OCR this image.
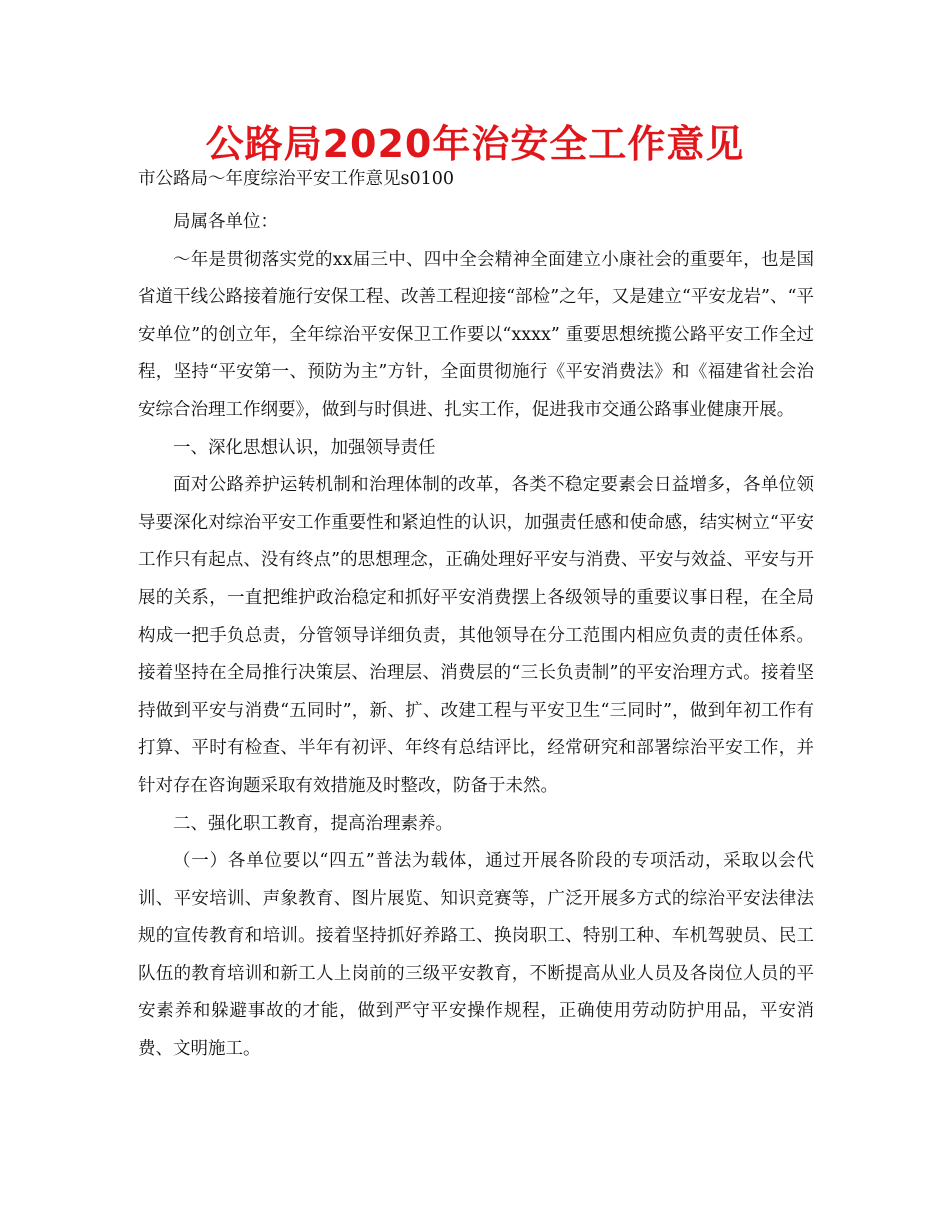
公路局2020年治安全工作意见
市公路局～年度综治平安工作意见s0100

局属各单位：

～年是贯彻落实党的xx届三中、四中全会精神全面建立小康社会的重要年，也是国省道干线公路接着施行安保工程、改善工程迎接“部检”之年，又是建立“平安龙岩”、“平安单位”的创立年，全年综治平安保卫工作要以“xxxx” 重要思想统揽公路平安工作全过程，坚持“平安第一、预防为主”方针，全面贯彻施行《平安消费法》和《福建省社会治安综合治理工作纲要》，做到与时俱进、扎实工作，促进我市交通公路事业健康开展。

一、深化思想认识，加强领导责任

面对公路养护运转机制和治理体制的改革，各类不稳定要素会日益增多，各单位领导要深化对综治平安工作重要性和紧迫性的认识，加强责任感和使命感，结实树立“平安工作只有起点、没有终点”的思想理念，正确处理好平安与消费、平安与效益、平安与开展的关系，一直把维护政治稳定和抓好平安消费摆上各级领导的重要议事日程，在全局构成一把手负总责，分管领导详细负责，其他领导在分工范围内相应负责的责任体系。接着坚持在全局推行决策层、治理层、消费层的“三长负责制”的平安治理方式。接着坚持做到平安与消费“五同时”，新、扩、改建工程与平安卫生“三同时”，做到年初工作有打算、平时有检查、半年有初评、年终有总结评比，经常研究和部署综治平安工作，并针对存在咨询题采取有效措施及时整改，防备于未然。

二、强化职工教育，提高治理素养。

（一）各单位要以“四五”普法为载体，通过开展各阶段的专项活动，采取以会代训、平安培训、声象教育、图片展览、知识竞赛等，广泛开展多方式的综治平安法律法规的宣传教育和培训。接着坚持抓好养路工、换岗职工、特别工种、车机驾驶员、民工队伍的教育培训和新工人上岗前的三级平安教育，不断提高从业人员及各岗位人员的平安素养和躲避事故的才能，做到严守平安操作规程，正确使用劳动防护用品，平安消费、文明施工。
